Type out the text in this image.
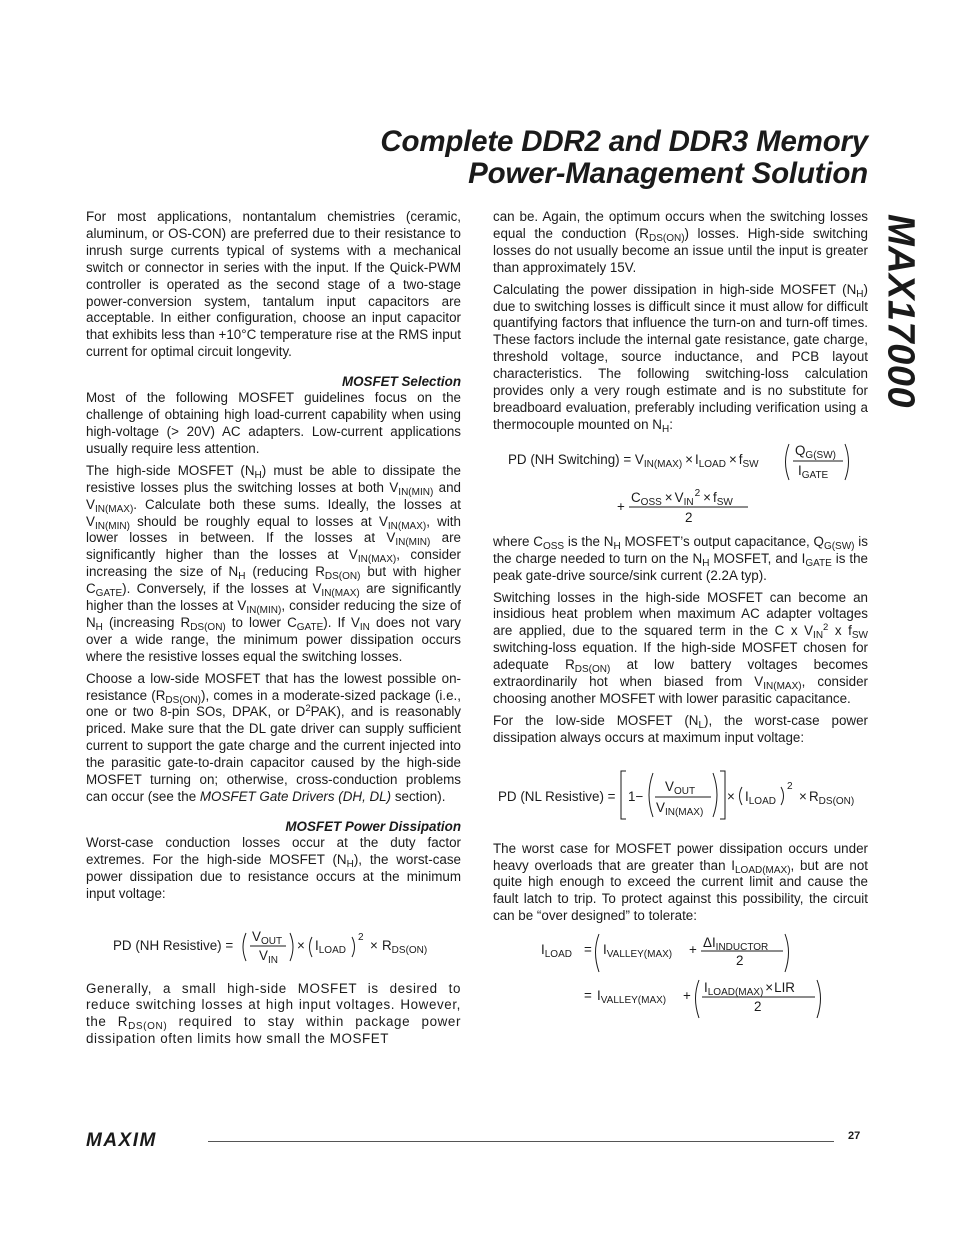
Complete DDR2 and DDR3 Memory
Power-Management Solution
MAX17000

For most applications, nontantalum chemistries (ceramic, aluminum, or OS-CON) are preferred due to their resistance to inrush surge currents typical of systems with a mechanical switch or connector in series with the input. If the Quick-PWM controller is operated as the second stage of a two-stage power-conversion system, tantalum input capacitors are acceptable. In either configuration, choose an input capacitor that exhibits less than +10°C temperature rise at the RMS input current for optimal circuit longevity.

MOSFET Selection

Most of the following MOSFET guidelines focus on the challenge of obtaining high load-current capability when using high-voltage (> 20V) AC adapters. Low-current applications usually require less attention.

The high-side MOSFET $(N_H)$ must be able to dissipate the resistive losses plus the switching losses at both $V_{IN(MIN)}$ and $V_{IN(MAX)}$. Calculate both these sums. Ideally, the losses at $V_{IN(MIN)}$ should be roughly equal to losses at $V_{IN(MAX)}$, with lower losses in between. If the losses at $V_{IN(MIN)}$ are significantly higher than the losses at $V_{IN(MAX)}$, consider increasing the size of $N_H$ (reducing $R_{DS(ON)}$ but with higher $C_{GATE}$). Conversely, if the losses at $V_{IN(MAX)}$ are significantly higher than the losses at $V_{IN(MIN)}$, consider reducing the size of $N_H$ (increasing $R_{DS(ON)}$ to lower $C_{GATE}$). If $V_{IN}$ does not vary over a wide range, the minimum power dissipation occurs where the resistive losses equal the switching losses.

Choose a low-side MOSFET that has the lowest possible on-resistance $(R_{DS(ON)})$, comes in a moderate-sized package (i.e., one or two 8-pin SOs, DPAK, or $D^2PAK$), and is reasonably priced. Make sure that the DL gate driver can supply sufficient current to support the gate charge and the current injected into the parasitic gate-to-drain capacitor caused by the high-side MOSFET turning on; otherwise, cross-conduction problems can occur (see the MOSFET Gate Drivers (DH, DL) section).

MOSFET Power Dissipation

Worst-case conduction losses occur at the duty factor extremes. For the high-side MOSFET $(N_H)$, the worst-case power dissipation due to resistance occurs at the minimum input voltage:

PD (NH Resistive) =
$V_{OUT}$
$V_{IN}$
× $I_{LOAD}$
2
× $R_{DS(ON)}$

Generally, a small high-side MOSFET is desired to reduce switching losses at high input voltages. However, the $R_{DS(ON)}$ required to stay within package power dissipation often limits how small the MOSFET

can be. Again, the optimum occurs when the switching losses equal the conduction $(R_{DS(ON)})$ losses. High-side switching losses do not usually become an issue until the input is greater than approximately 15V.

Calculating the power dissipation in high-side MOSFET $(N_H)$ due to switching losses is difficult since it must allow for difficult quantifying factors that influence the turn-on and turn-off times. These factors include the internal gate resistance, gate charge, threshold voltage, source inductance, and PCB layout characteristics. The following switching-loss calculation provides only a very rough estimate and is no substitute for breadboard evaluation, preferably including verification using a thermocouple mounted on $N_H$:

PD (NH Switching) = $V_{IN(MAX)} \times I_{LOAD} \times f_{SW}$
$Q_{G(SW)}$
$I_{GATE}$
+
$C_{OSS} \times V_{IN}^2 \times f_{SW}$
2

where $C_{OSS}$ is the $N_H$ MOSFET’s output capacitance, $Q_{G(SW)}$ is the charge needed to turn on the $N_H$ MOSFET, and $I_{GATE}$ is the peak gate-drive source/sink current (2.2A typ).

Switching losses in the high-side MOSFET can become an insidious heat problem when maximum AC adapter voltages are applied, due to the squared term in the C x $V_{IN}^2$ x $f_{SW}$ switching-loss equation. If the high-side MOSFET chosen for adequate $R_{DS(ON)}$ at low battery voltages becomes extraordinarily hot when biased from $V_{IN(MAX)}$, consider choosing another MOSFET with lower parasitic capacitance.

For the low-side MOSFET $(N_L)$, the worst-case power dissipation always occurs at maximum input voltage:

PD (NL Resistive) = 1−
$V_{OUT}$
$V_{IN(MAX)}$
× $I_{LOAD}$
2
× $R_{DS(ON)}$

The worst case for MOSFET power dissipation occurs under heavy overloads that are greater than $I_{LOAD(MAX)}$, but are not quite high enough to exceed the current limit and cause the fault latch to trip. To protect against this possibility, the circuit can be “over designed” to tolerate:

$I_{LOAD} = I_{VALLEY(MAX)} + \Delta I_{INDUCTOR}$
2
= $I_{VALLEY(MAX)}$ +
$I_{LOAD(MAX)} \times LIR$
2
MAXIM	27
